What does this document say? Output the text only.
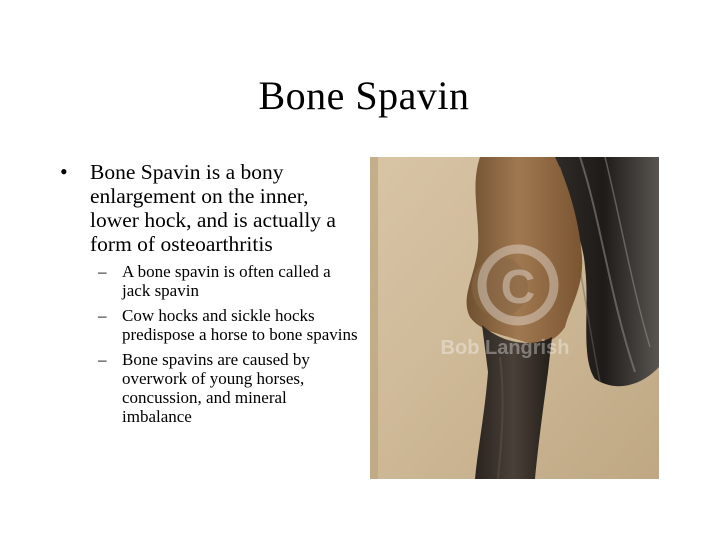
Bone Spavin
• Bone Spavin is a bony enlargement on the inner, lower hock, and is actually a form of osteoarthritis
– A bone spavin is often called a jack spavin
– Cow hocks and sickle hocks predispose a horse to bone spavins
– Bone spavins are caused by overwork of young horses, concussion, and mineral imbalance
C
Bob Langrish
